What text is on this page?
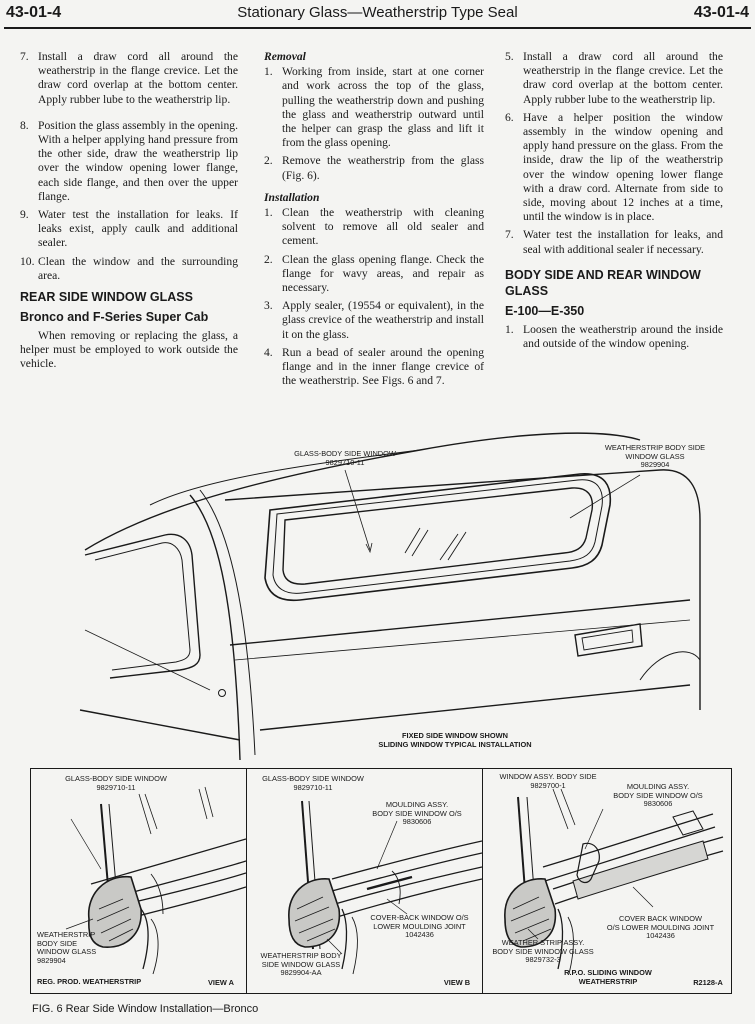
43-01-4	Stationary Glass—Weatherstrip Type Seal	43-01-4
7. Install a draw cord all around the weatherstrip in the flange crevice. Let the draw cord overlap at the bottom center. Apply rubber lube to the weatherstrip lip.
8. Position the glass assembly in the opening. With a helper applying hand pressure from the other side, draw the weatherstrip lip over the window opening lower flange, each side flange, and then over the upper flange.
9. Water test the installation for leaks. If leaks exist, apply caulk and additional sealer.
10. Clean the window and the surrounding area.
REAR SIDE WINDOW GLASS
Bronco and F-Series Super Cab

When removing or replacing the glass, a helper must be employed to work outside the vehicle.

Removal
1. Working from inside, start at one corner and work across the top of the glass, pulling the weatherstrip down and pushing the glass and weatherstrip outward until the helper can grasp the glass and lift it from the glass opening.
2. Remove the weatherstrip from the glass (Fig. 6).
Installation
1. Clean the weatherstrip with cleaning solvent to remove all old sealer and cement.
2. Clean the glass opening flange. Check the flange for wavy areas, and repair as necessary.
3. Apply sealer, (19554 or equivalent), in the glass crevice of the weatherstrip and install it on the glass.
4. Run a bead of sealer around the opening flange and in the inner flange crevice of the weatherstrip. See Figs. 6 and 7.
5. Install a draw cord all around the weatherstrip in the flange crevice. Let the draw cord overlap at the bottom center. Apply rubber lube to the weatherstrip lip.
6. Have a helper position the window assembly in the window opening and apply hand pressure on the glass. From the inside, draw the lip of the weatherstrip over the window opening lower flange with a draw cord. Alternate from side to side, moving about 12 inches at a time, until the window is in place.
7. Water test the installation for leaks, and seal with additional sealer if necessary.
BODY SIDE AND REAR WINDOW GLASS
E-100—E-350
1. Loosen the weatherstrip around the inside and outside of the window opening.
GLASS-BODY SIDE WINDOW
9829710-11
WEATHERSTRIP BODY SIDE
WINDOW GLASS
9829904
FIXED SIDE WINDOW SHOWN
SLIDING WINDOW TYPICAL INSTALLATION
GLASS-BODY SIDE WINDOW
9829710-11
WEATHERSTRIP
BODY SIDE
WINDOW GLASS
9829904
REG. PROD. WEATHERSTRIP	VIEW A
GLASS-BODY SIDE WINDOW
9829710-11
MOULDING ASSY.
BODY SIDE WINDOW O/S
9830606
COVER-BACK WINDOW O/S
LOWER MOULDING JOINT
1042436
WEATHERSTRIP BODY
SIDE WINDOW GLASS
9829904-AA
VIEW B
WINDOW ASSY. BODY SIDE
9829700-1	MOULDING ASSY.
BODY SIDE WINDOW O/S
9830606
COVER BACK WINDOW
O/S LOWER MOULDING JOINT
1042436
WEATHER STRIP ASSY.
BODY SIDE WINDOW GLASS
9829732-3
R.P.O. SLIDING WINDOW
WEATHERSTRIP	R2128-A
FIG. 6 Rear Side Window Installation—Bronco
